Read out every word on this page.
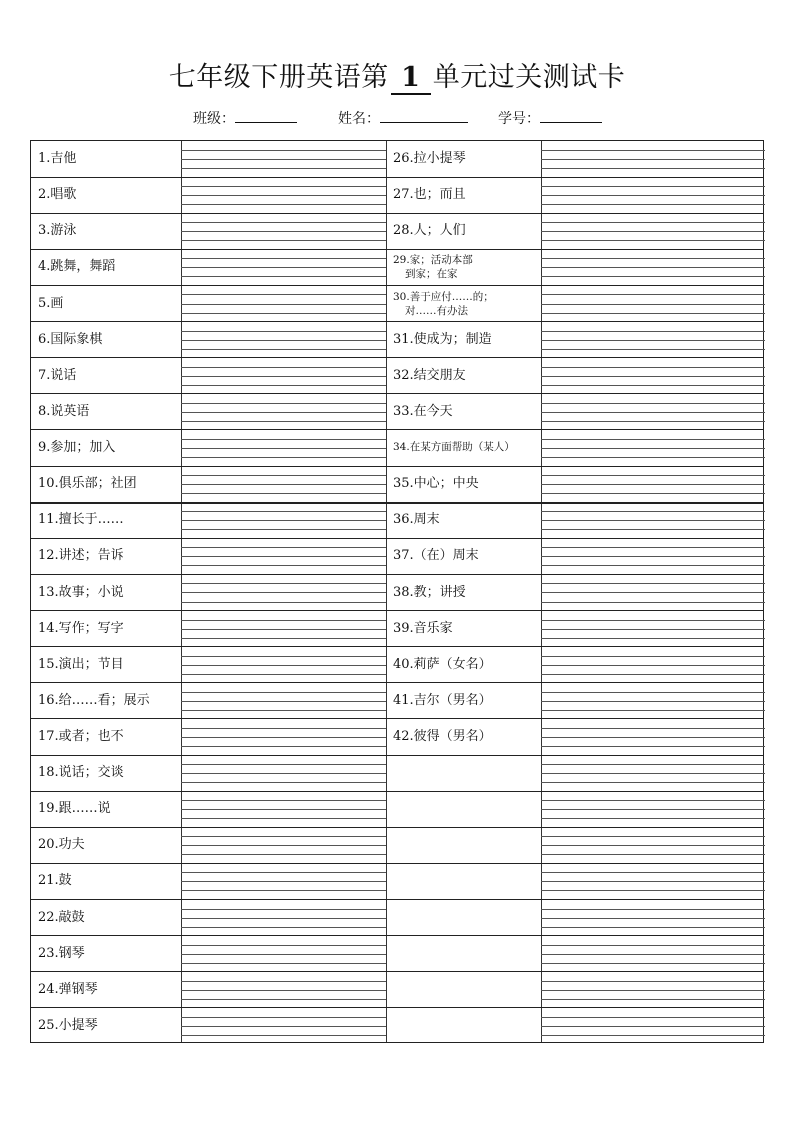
七年级下册英语第 1 单元过关测试卡
班级：	姓名：	学号：
1.吉他	26.拉小提琴
2.唱歌	27.也；而且
3.游泳	28.人；人们
4.跳舞，舞蹈	29.家；活动本部
到家；在家
5.画	30.善于应付……的；
对……有办法
6.国际象棋	31.使成为；制造
7.说话	32.结交朋友
8.说英语	33.在今天
9.参加；加入	34.在某方面帮助（某人）
10.俱乐部；社团	35.中心；中央
11.擅长于……	36.周末
12.讲述；告诉	37.（在）周末
13.故事；小说	38.教；讲授
14.写作；写字	39.音乐家
15.演出；节目	40.莉萨（女名）
16.给……看；展示	41.吉尔（男名）
17.或者；也不	42.彼得（男名）
18.说话；交谈
19.跟……说
20.功夫
21.鼓
22.敲鼓
23.钢琴
24.弹钢琴
25.小提琴
